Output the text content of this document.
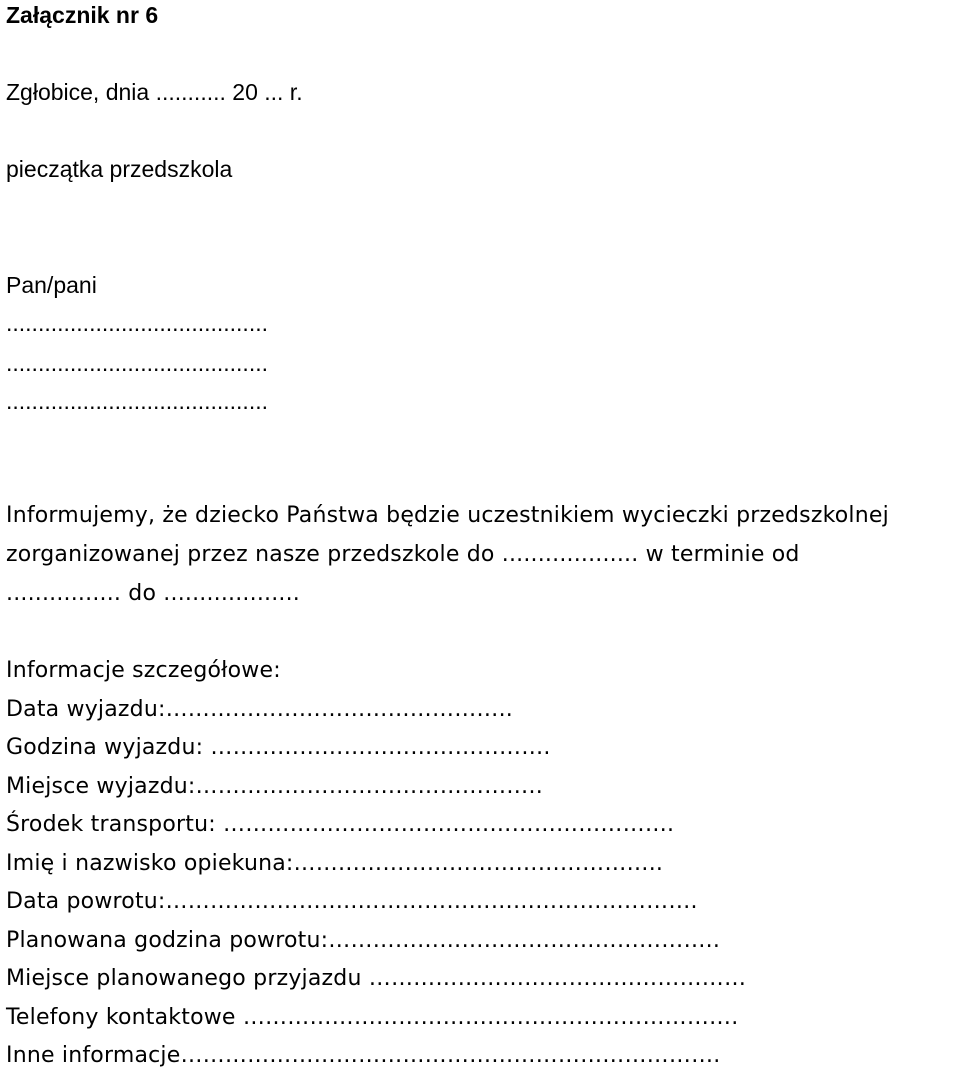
Załącznik nr 6
Zgłobice, dnia ........... 20 ... r.
pieczątka przedszkola
Pan/pani
.........................................
.........................................
.........................................
Informujemy, że dziecko Państwa będzie uczestnikiem wycieczki przedszkolnej
zorganizowanej przez nasze przedszkole do ................... w terminie od
................ do ...................
Informacje szczegółowe:
Data wyjazdu:………………………………………..
Godzina wyjazdu: ……………………………………….
Miejsce wyjazdu:………………………………………..
Środek transportu: …………………………………………………….
Imię i nazwisko opiekuna:…………………………………………..
Data powrotu:……………………..……………………………………….
Planowana godzina powrotu:……………………………………………..
Miejsce planowanego przyjazdu ……………………………………………
Telefony kontaktowe ………………………………………………………….
Inne informacje……………………………………………………………….
